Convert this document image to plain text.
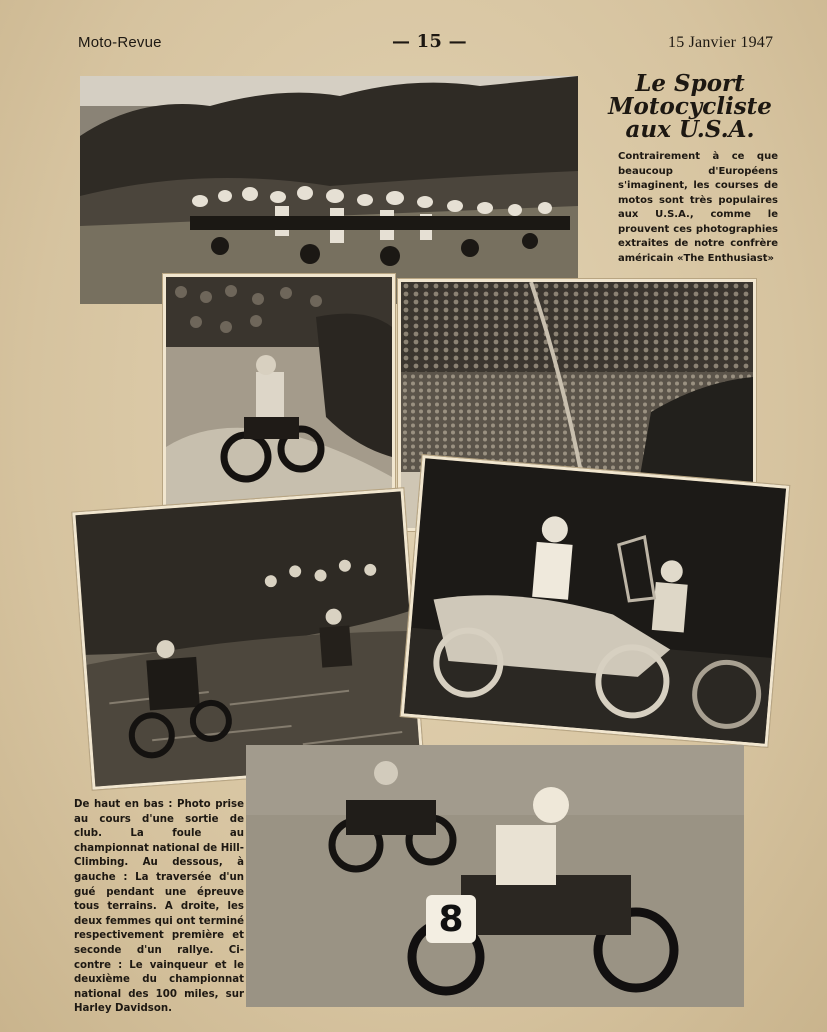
Moto-Revue	— 15 —	15 Janvier 1947
Le Sport
Motocycliste
aux U.S.A.
Contrairement à ce que beaucoup d'Européens s'imaginent, les courses de motos sont très populaires aux U.S.A., comme le prouvent ces photographies extraites de notre confrère américain «The Enthusiast»
8
De haut en bas : Photo prise au cours d'une sortie de club. La foule au championnat national de Hill-Climbing. Au dessous, à gauche : La traversée d'un gué pendant une épreuve tous terrains. A droite, les deux femmes qui ont terminé respectivement première et seconde d'un rallye. Ci-contre : Le vainqueur et le deuxième du championnat national des 100 miles, sur Harley Davidson.
